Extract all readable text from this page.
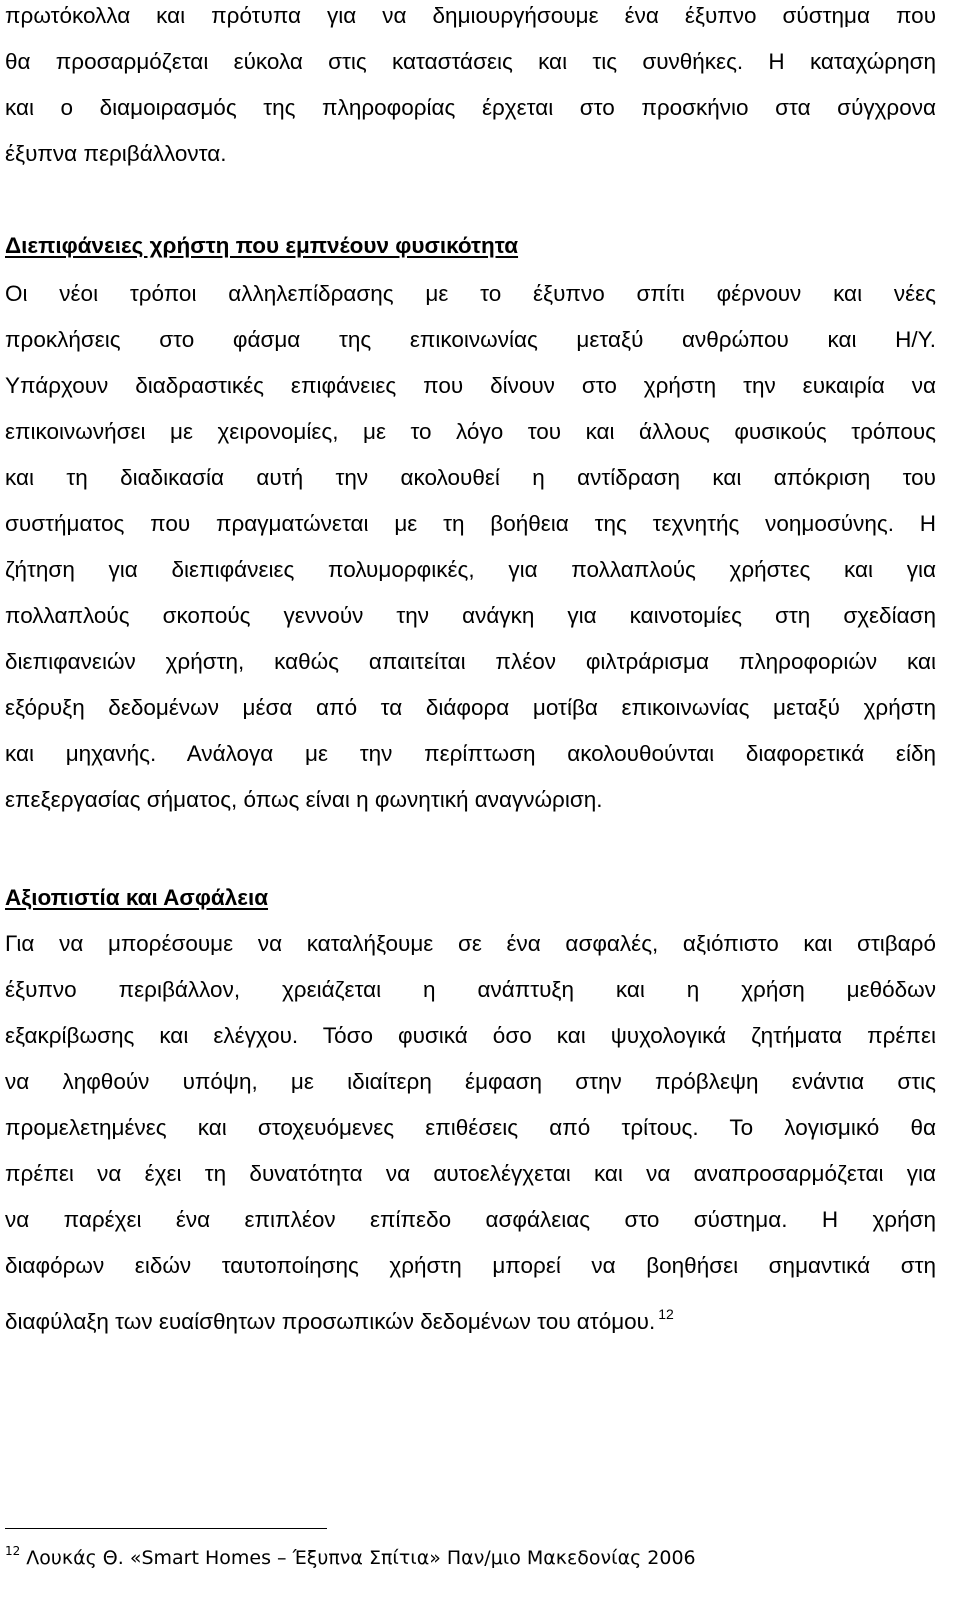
πρωτόκολλα και πρότυπα για να δημιουργήσουμε ένα έξυπνο σύστημα που
θα προσαρμόζεται εύκολα στις καταστάσεις και τις συνθήκες. Η καταχώρηση
και ο διαμοιρασμός της πληροφορίας έρχεται στο προσκήνιο στα σύγχρονα
έξυπνα περιβάλλοντα.
Διεπιφάνειες χρήστη που εμπνέουν φυσικότητα
Οι νέοι τρόποι αλληλεπίδρασης με το έξυπνο σπίτι φέρνουν και νέες
προκλήσεις στο φάσμα της επικοινωνίας μεταξύ ανθρώπου και Η/Υ.
Υπάρχουν διαδραστικές επιφάνειες που δίνουν στο χρήστη την ευκαιρία να
επικοινωνήσει με χειρονομίες, με το λόγο του και άλλους φυσικούς τρόπους
και τη διαδικασία αυτή την ακολουθεί η αντίδραση και απόκριση του
συστήματος που πραγματώνεται με τη βοήθεια της τεχνητής νοημοσύνης. Η
ζήτηση για διεπιφάνειες πολυμορφικές, για πολλαπλούς χρήστες και για
πολλαπλούς σκοπούς γεννούν την ανάγκη για καινοτομίες στη σχεδίαση
διεπιφανειών χρήστη, καθώς απαιτείται πλέον φιλτράρισμα πληροφοριών και
εξόρυξη δεδομένων μέσα από τα διάφορα μοτίβα επικοινωνίας μεταξύ χρήστη
και μηχανής. Ανάλογα με την περίπτωση ακολουθούνται διαφορετικά είδη
επεξεργασίας σήματος, όπως είναι η φωνητική αναγνώριση.
Αξιοπιστία και Ασφάλεια
Για να μπορέσουμε να καταλήξουμε σε ένα ασφαλές, αξιόπιστο και στιβαρό
έξυπνο περιβάλλον, χρειάζεται η ανάπτυξη και η χρήση μεθόδων
εξακρίβωσης και ελέγχου. Τόσο φυσικά όσο και ψυχολογικά ζητήματα πρέπει
να ληφθούν υπόψη, με ιδιαίτερη έμφαση στην πρόβλεψη ενάντια στις
προμελετημένες και στοχευόμενες επιθέσεις από τρίτους. Το λογισμικό θα
πρέπει να έχει τη δυνατότητα να αυτοελέγχεται και να αναπροσαρμόζεται για
να παρέχει ένα επιπλέον επίπεδο ασφάλειας στο σύστημα. Η χρήση
διαφόρων ειδών ταυτοποίησης χρήστη μπορεί να βοηθήσει σημαντικά στη
διαφύλαξη των ευαίσθητων προσωπικών δεδομένων του ατόμου. $^{12}$
$^{12}$ Λουκάς Θ. «Smart Homes – Έξυπνα Σπίτια» Παν/μιο Μακεδονίας 2006
